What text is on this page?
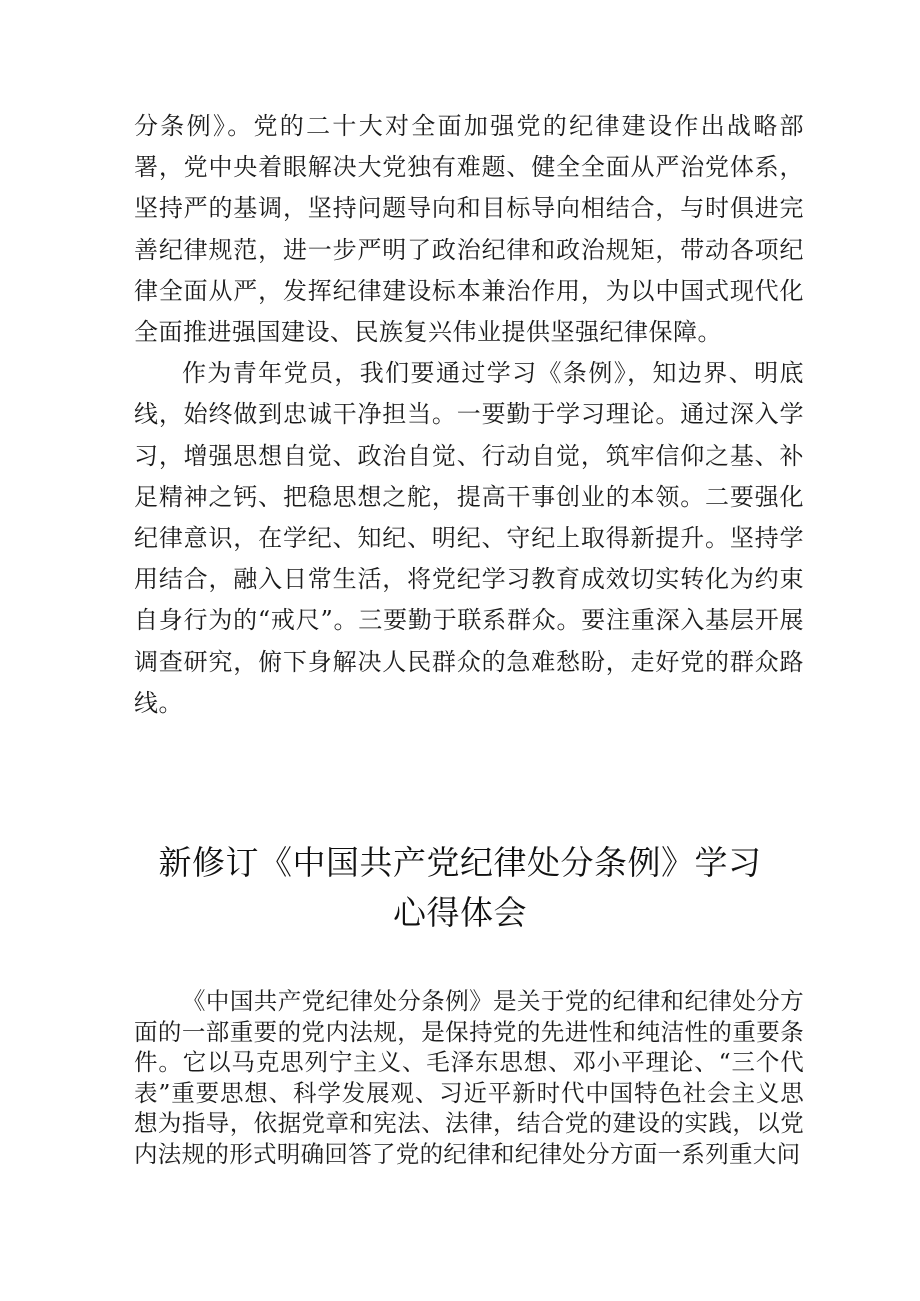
分条例》。党的二十大对全面加强党的纪律建设作出战略部署，党中央着眼解决大党独有难题、健全全面从严治党体系，坚持严的基调，坚持问题导向和目标导向相结合，与时俱进完善纪律规范，进一步严明了政治纪律和政治规矩，带动各项纪律全面从严，发挥纪律建设标本兼治作用，为以中国式现代化全面推进强国建设、民族复兴伟业提供坚强纪律保障。

作为青年党员，我们要通过学习《条例》，知边界、明底线，始终做到忠诚干净担当。一要勤于学习理论。通过深入学习，增强思想自觉、政治自觉、行动自觉，筑牢信仰之基、补足精神之钙、把稳思想之舵，提高干事创业的本领。二要强化纪律意识，在学纪、知纪、明纪、守纪上取得新提升。坚持学用结合，融入日常生活，将党纪学习教育成效切实转化为约束自身行为的“戒尺”。三要勤于联系群众。要注重深入基层开展调查研究，俯下身解决人民群众的急难愁盼，走好党的群众路线。

新修订《中国共产党纪律处分条例》学习
心得体会

《中国共产党纪律处分条例》是关于党的纪律和纪律处分方面的一部重要的党内法规，是保持党的先进性和纯洁性的重要条件。它以马克思列宁主义、毛泽东思想、邓小平理论、“三个代表”重要思想、科学发展观、习近平新时代中国特色社会主义思想为指导，依据党章和宪法、法律，结合党的建设的实践，以党内法规的形式明确回答了党的纪律和纪律处分方面一系列重大问
